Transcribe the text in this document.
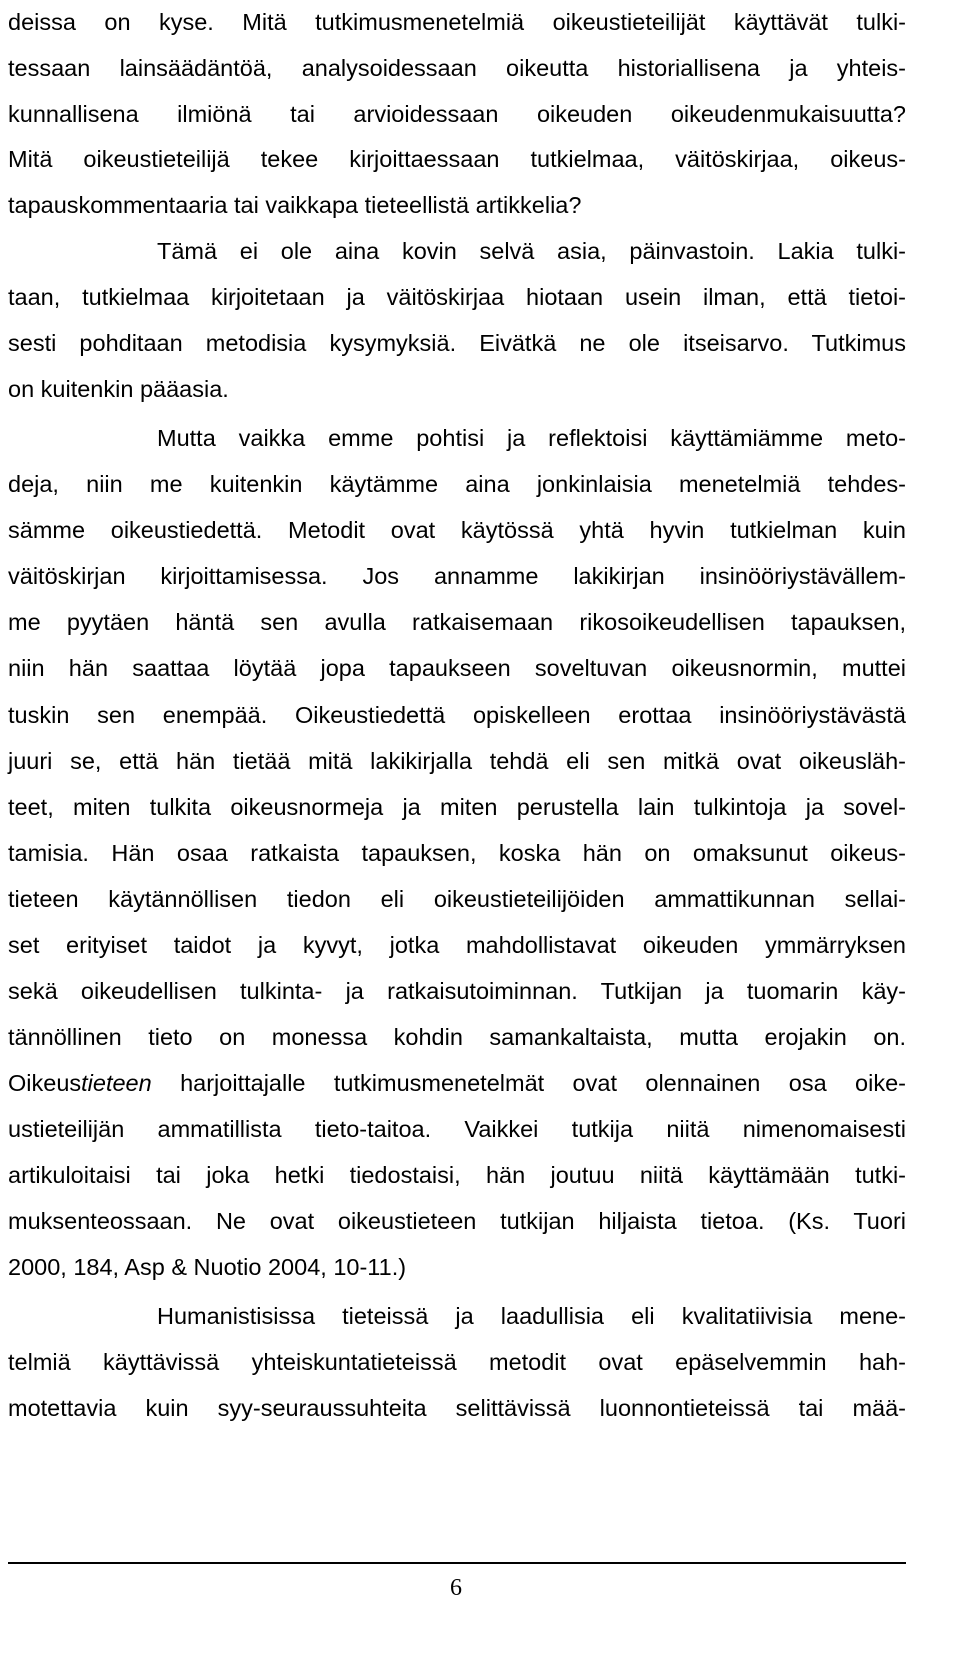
deissa on kyse. Mitä tutkimusmenetelmiä oikeustieteilijät käyttävät tulki-
tessaan lainsäädäntöä, analysoidessaan oikeutta historiallisena ja yhteis-
kunnallisena ilmiönä tai arvioidessaan oikeuden oikeudenmukaisuutta?
Mitä oikeustieteilijä tekee kirjoittaessaan tutkielmaa, väitöskirjaa, oikeus-
tapauskommentaaria tai vaikkapa tieteellistä artikkelia?
Tämä ei ole aina kovin selvä asia, päinvastoin. Lakia tulki-
taan, tutkielmaa kirjoitetaan ja väitöskirjaa hiotaan usein ilman, että tietoi-
sesti pohditaan metodisia kysymyksiä. Eivätkä ne ole itseisarvo. Tutkimus
on kuitenkin pääasia.
Mutta vaikka emme pohtisi ja reflektoisi käyttämiämme meto-
deja, niin me kuitenkin käytämme aina jonkinlaisia menetelmiä tehdes-
sämme oikeustiedettä. Metodit ovat käytössä yhtä hyvin tutkielman kuin
väitöskirjan kirjoittamisessa. Jos annamme lakikirjan insinööriystävällem-
me pyytäen häntä sen avulla ratkaisemaan rikosoikeudellisen tapauksen,
niin hän saattaa löytää jopa tapaukseen soveltuvan oikeusnormin, muttei
tuskin sen enempää. Oikeustiedettä opiskelleen erottaa insinööriystävästä
juuri se, että hän tietää mitä lakikirjalla tehdä eli sen mitkä ovat oikeusläh-
teet, miten tulkita oikeusnormeja ja miten perustella lain tulkintoja ja sovel-
tamisia. Hän osaa ratkaista tapauksen, koska hän on omaksunut oikeus-
tieteen käytännöllisen tiedon eli oikeustieteilijöiden ammattikunnan sellai-
set erityiset taidot ja kyvyt, jotka mahdollistavat oikeuden ymmärryksen
sekä oikeudellisen tulkinta- ja ratkaisutoiminnan. Tutkijan ja tuomarin käy-
tännöllinen tieto on monessa kohdin samankaltaista, mutta erojakin on.
Oikeustieteen harjoittajalle tutkimusmenetelmät ovat olennainen osa oike-
ustieteilijän ammatillista tieto-taitoa. Vaikkei tutkija niitä nimenomaisesti
artikuloitaisi tai joka hetki tiedostaisi, hän joutuu niitä käyttämään tutki-
muksenteossaan. Ne ovat oikeustieteen tutkijan hiljaista tietoa. (Ks. Tuori
2000, 184, Asp & Nuotio 2004, 10-11.)
Humanistisissa tieteissä ja laadullisia eli kvalitatiivisia mene-
telmiä käyttävissä yhteiskuntatieteissä metodit ovat epäselvemmin hah-
motettavia kuin syy-seuraussuhteita selittävissä luonnontieteissä tai mää-
6
